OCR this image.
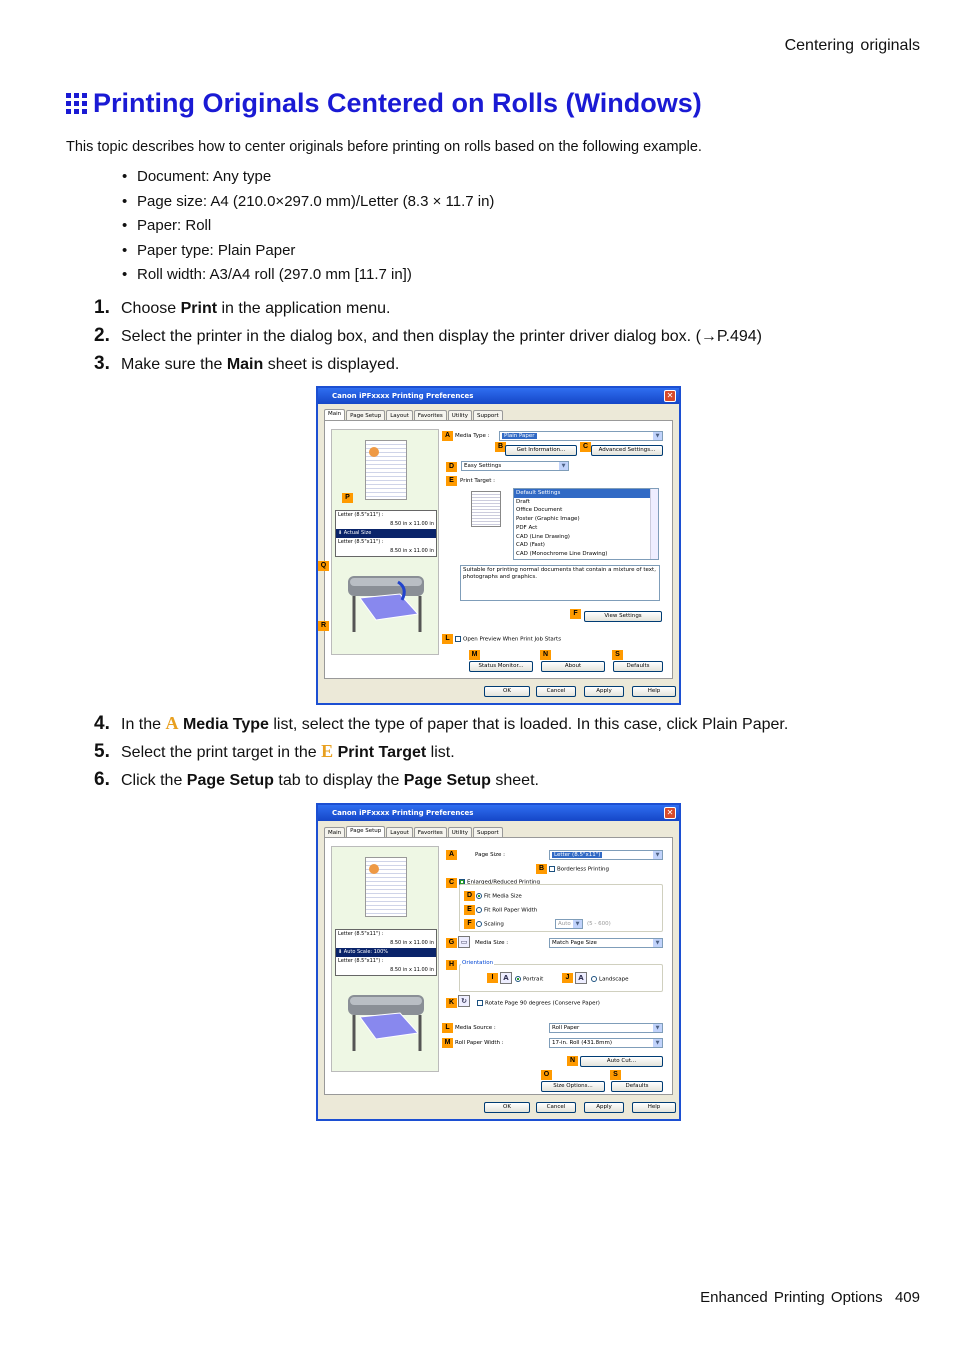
Centering originals
Printing Originals Centered on Rolls (Windows)
This topic describes how to center originals before printing on rolls based on the following example.
• Document: Any type
• Page size: A4 (210.0×297.0 mm)/Letter (8.3 × 11.7 in)
• Paper: Roll
• Paper type: Plain Paper
• Roll width: A3/A4 roll (297.0 mm [11.7 in])
1. Choose Print in the application menu.
2. Select the printer in the dialog box, and then display the printer driver dialog box. (→P.494)
3. Make sure the Main sheet is displayed.
Canon iPFxxxx Printing Preferences	✕
Main	Page Setup	Layout	Favorites	Utility	Support
Letter (8.5"x11") :
8.50 in x 11.00 in
⬇ Actual Size
Letter (8.5"x11") :
8.50 in x 11.00 in
P
Q
R
A Media Type :	Plain Paper ▼
B	Get Information...	C	Advanced Settings...
D	Easy Settings ▼
E	Print Target :
Default Settings
Draft
Office Document
Poster (Graphic Image)
PDF Act
CAD (Line Drawing)
CAD (Fast)
CAD (Monochrome Line Drawing)
Suitable for printing normal documents that contain a mixture of text, photographs and graphics.
F	View Settings
L	Open Preview When Print Job Starts
M	N	S
Status Monitor...	About	Defaults
OK	Cancel	Apply	Help
4. In the A Media Type list, select the type of paper that is loaded. In this case, click Plain Paper.
5. Select the print target in the E Print Target list.
6. Click the Page Setup tab to display the Page Setup sheet.
Canon iPFxxxx Printing Preferences	✕
Main	Page Setup	Layout	Favorites	Utility	Support
Letter (8.5"x11") :
8.50 in x 11.00 in
⬇ Auto Scale: 100%
Letter (8.5"x11") :
8.50 in x 11.00 in
A	Page Size :	Letter (8.5"x11") ▼
B	Borderless Printing
C	Enlarged/Reduced Printing
D	Fit Media Size
E	Fit Roll Paper Width
F	Scaling	Auto ▼	(5 - 600)
G ▭	Media Size :	Match Page Size ▼
H	Orientation
I	A	Portrait	J	A	Landscape
K	↻	Rotate Page 90 degrees (Conserve Paper)
L Media Source :	Roll Paper ▼
M Roll Paper Width :	17-in. Roll (431.8mm) ▼
N	Auto Cut...
O	S
Size Options...	Defaults
OK	Cancel	Apply	Help
Enhanced Printing Options 409
